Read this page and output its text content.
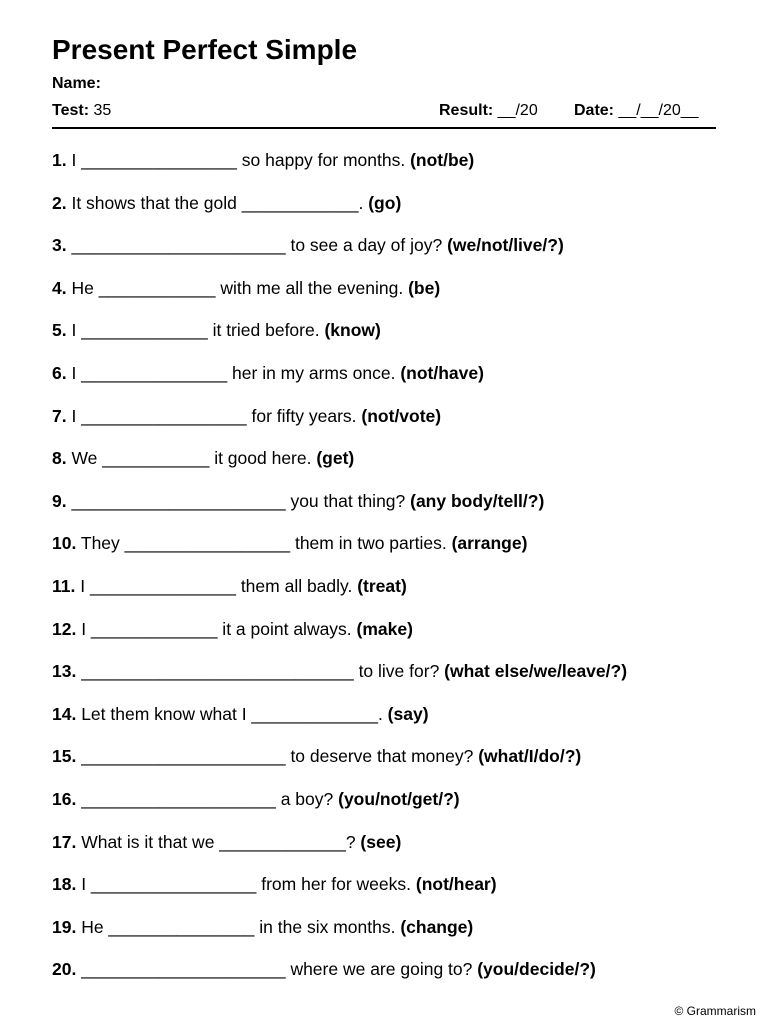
Present Perfect Simple
Name:
Test: 35	Result: __/20 Date: __/__/20__
1. I ________________ so happy for months. (not/be)
2. It shows that the gold ____________. (go)
3. ______________________ to see a day of joy? (we/not/live/?)
4. He ____________ with me all the evening. (be)
5. I _____________ it tried before. (know)
6. I _______________ her in my arms once. (not/have)
7. I _________________ for fifty years. (not/vote)
8. We ___________ it good here. (get)
9. ______________________ you that thing? (any body/tell/?)
10. They _________________ them in two parties. (arrange)
11. I _______________ them all badly. (treat)
12. I _____________ it a point always. (make)
13. ____________________________ to live for? (what else/we/leave/?)
14. Let them know what I _____________. (say)
15. _____________________ to deserve that money? (what/I/do/?)
16. ____________________ a boy? (you/not/get/?)
17. What is it that we _____________? (see)
18. I _________________ from her for weeks. (not/hear)
19. He _______________ in the six months. (change)
20. _____________________ where we are going to? (you/decide/?)
© Grammarism
